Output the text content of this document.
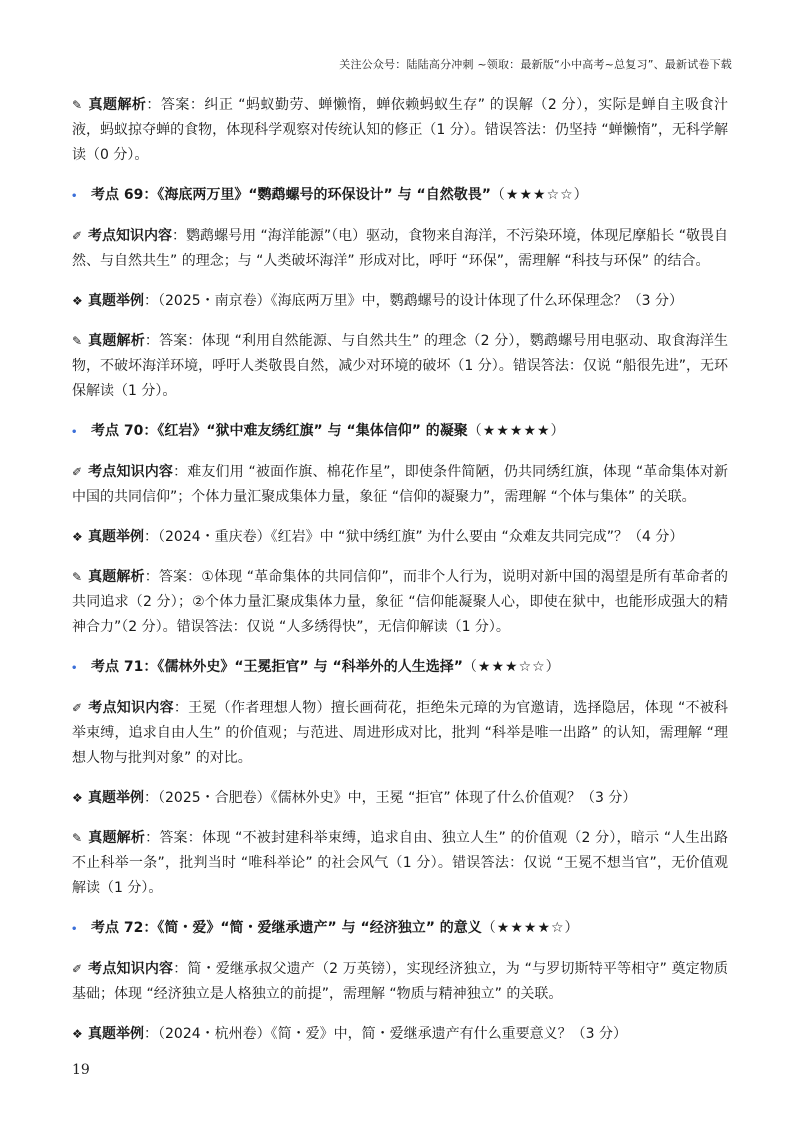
关注公众号：陆陆高分冲刺 ~领取：最新版“小中高考~总复习”、最新试卷下载

✎ 真题解析：答案：纠正 “蚂蚁勤劳、蝉懒惰，蝉依赖蚂蚁生存” 的误解（2 分），实际是蝉自主吸食汁液，蚂蚁掠夺蝉的食物，体现科学观察对传统认知的修正（1 分）。错误答法：仍坚持 “蝉懒惰”，无科学解读（0 分）。

• 考点 69：《海底两万里》“鹦鹉螺号的环保设计” 与 “自然敬畏” （★★★☆☆）

✐ 考点知识内容：鹦鹉螺号用 “海洋能源”（电）驱动，食物来自海洋，不污染环境，体现尼摩船长 “敬畏自然、与自然共生” 的理念；与 “人类破坏海洋” 形成对比，呼吁 “环保”，需理解 “科技与环保” 的结合。

❖ 真题举例：（2025・南京卷）《海底两万里》中，鹦鹉螺号的设计体现了什么环保理念？（3 分）

✎ 真题解析：答案：体现 “利用自然能源、与自然共生” 的理念（2 分），鹦鹉螺号用电驱动、取食海洋生物，不破坏海洋环境，呼吁人类敬畏自然，减少对环境的破坏（1 分）。错误答法：仅说 “船很先进”，无环保解读（1 分）。

• 考点 70：《红岩》“狱中难友绣红旗” 与 “集体信仰” 的凝聚 （★★★★★）

✐ 考点知识内容：难友们用 “被面作旗、棉花作星”，即使条件简陋，仍共同绣红旗，体现 “革命集体对新中国的共同信仰”；个体力量汇聚成集体力量，象征 “信仰的凝聚力”，需理解 “个体与集体” 的关联。

❖ 真题举例：（2024・重庆卷）《红岩》中 “狱中绣红旗” 为什么要由 “众难友共同完成”？（4 分）

✎ 真题解析：答案：①体现 “革命集体的共同信仰”，而非个人行为，说明对新中国的渴望是所有革命者的共同追求（2 分）；②个体力量汇聚成集体力量，象征 “信仰能凝聚人心，即使在狱中，也能形成强大的精神合力”（2 分）。错误答法：仅说 “人多绣得快”，无信仰解读（1 分）。

• 考点 71：《儒林外史》“王冕拒官” 与 “科举外的人生选择” （★★★☆☆）

✐ 考点知识内容：王冕（作者理想人物）擅长画荷花，拒绝朱元璋的为官邀请，选择隐居，体现 “不被科举束缚，追求自由人生” 的价值观；与范进、周进形成对比，批判 “科举是唯一出路” 的认知，需理解 “理想人物与批判对象” 的对比。

❖ 真题举例：（2025・合肥卷）《儒林外史》中，王冕 “拒官” 体现了什么价值观？（3 分）

✎ 真题解析：答案：体现 “不被封建科举束缚，追求自由、独立人生” 的价值观（2 分），暗示 “人生出路不止科举一条”，批判当时 “唯科举论” 的社会风气（1 分）。错误答法：仅说 “王冕不想当官”，无价值观解读（1 分）。

• 考点 72：《简・爱》“简・爱继承遗产” 与 “经济独立” 的意义 （★★★★☆）

✐ 考点知识内容：简・爱继承叔父遗产（2 万英镑），实现经济独立，为 “与罗切斯特平等相守” 奠定物质基础；体现 “经济独立是人格独立的前提”，需理解 “物质与精神独立” 的关联。

❖ 真题举例：（2024・杭州卷）《简・爱》中，简・爱继承遗产有什么重要意义？（3 分）

19
